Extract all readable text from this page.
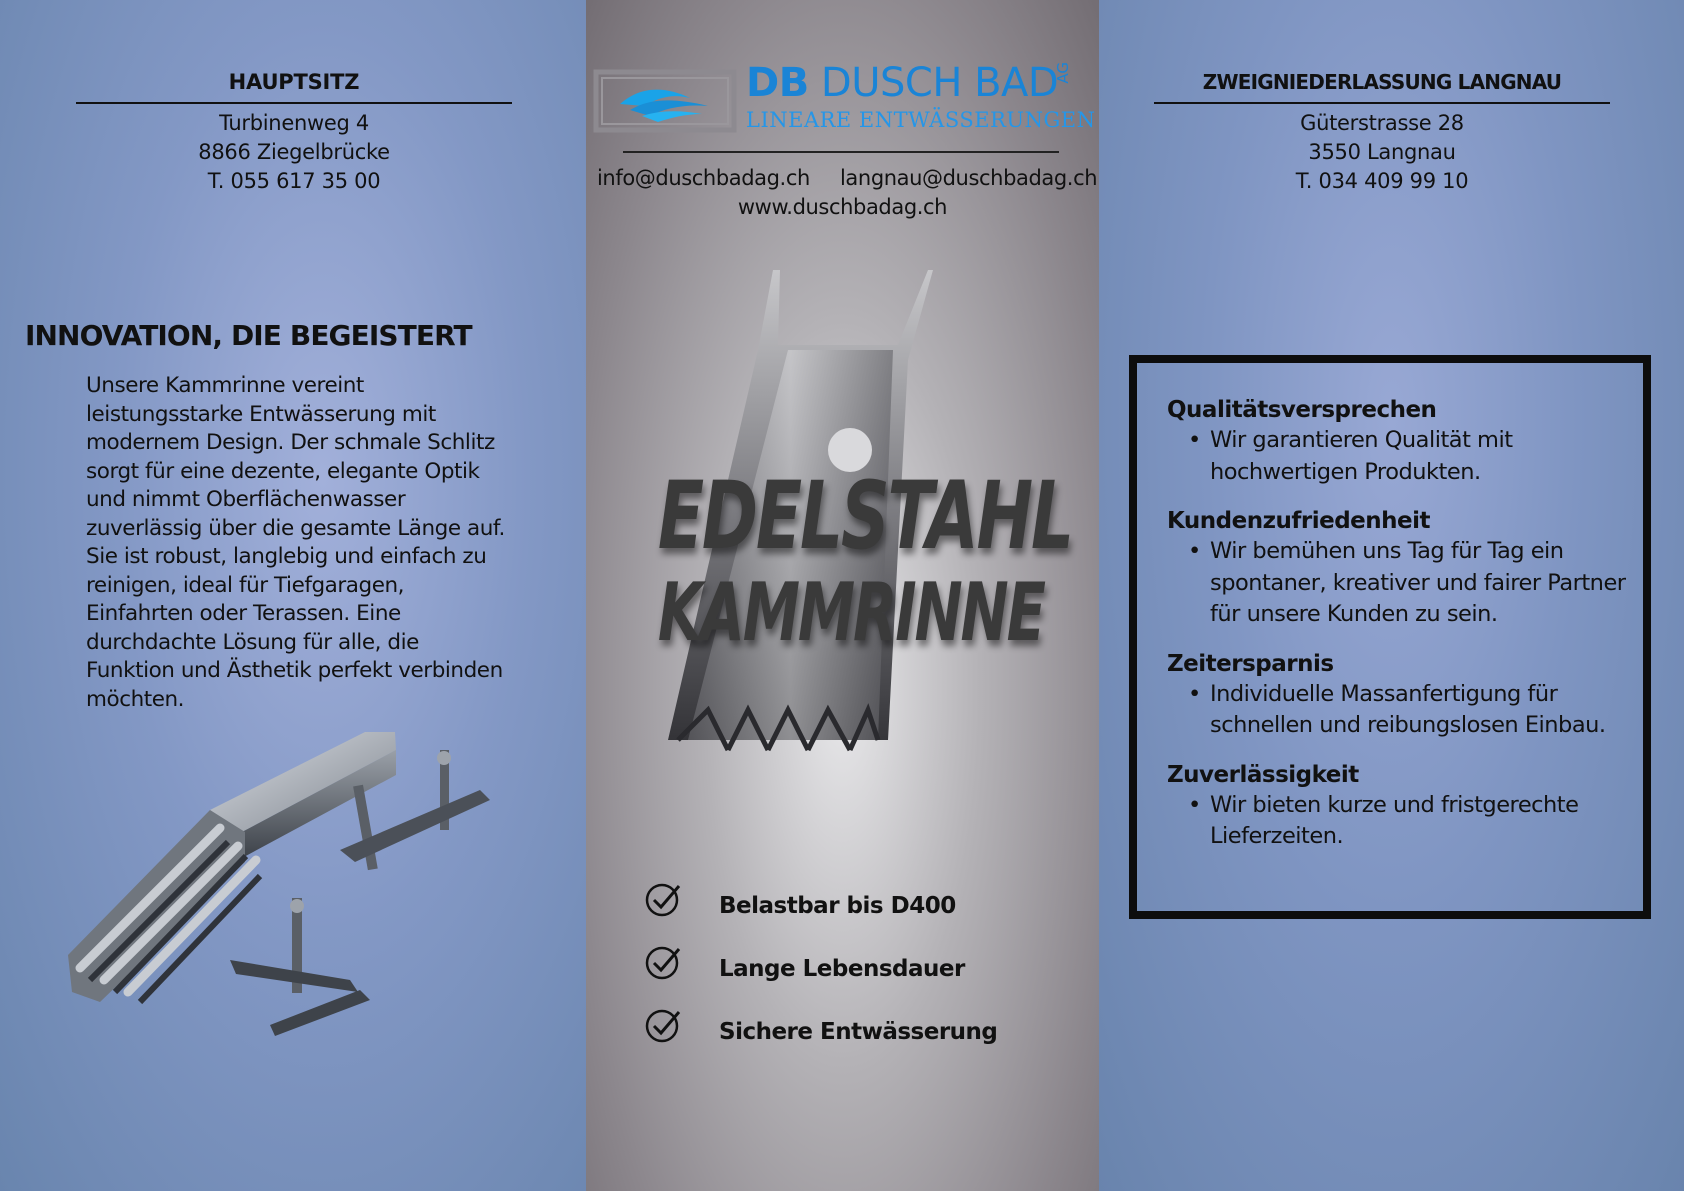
HAUPTSITZ
Turbinenweg 4
8866 Ziegelbrücke
T. 055 617 35 00
ZWEIGNIEDERLASSUNG LANGNAU
Güterstrasse 28
3550 Langnau
T. 034 409 99 10
DB DUSCH BAD
AG
LINEARE ENTWÄSSERUNGEN
info@duschbadag.ch langnau@duschbadag.ch
www.duschbadag.ch
INNOVATION, DIE BEGEISTERT
Unsere Kammrinne vereint leistungsstarke Entwässerung mit modernem Design. Der schmale Schlitz sorgt für eine dezente, elegante Optik und nimmt Oberflächenwasser zuverlässig über die gesamte Länge auf. Sie ist robust, langlebig und einfach zu reinigen, ideal für Tiefgaragen, Einfahrten oder Terassen. Eine durchdachte Lösung für alle, die Funktion und Ästhetik perfekt verbinden möchten.
EDELSTAHL
KAMMRINNE
Belastbar bis D400
Lange Lebensdauer
Sichere Entwässerung
Qualitätsversprechen
• Wir garantieren Qualität mit hochwertigen Produkten.
Kundenzufriedenheit
• Wir bemühen uns Tag für Tag ein spontaner, kreativer und fairer Partner für unsere Kunden zu sein.
Zeitersparnis
• Individuelle Massanfertigung für schnellen und reibungslosen Einbau.
Zuverlässigkeit
• Wir bieten kurze und fristgerechte Lieferzeiten.
